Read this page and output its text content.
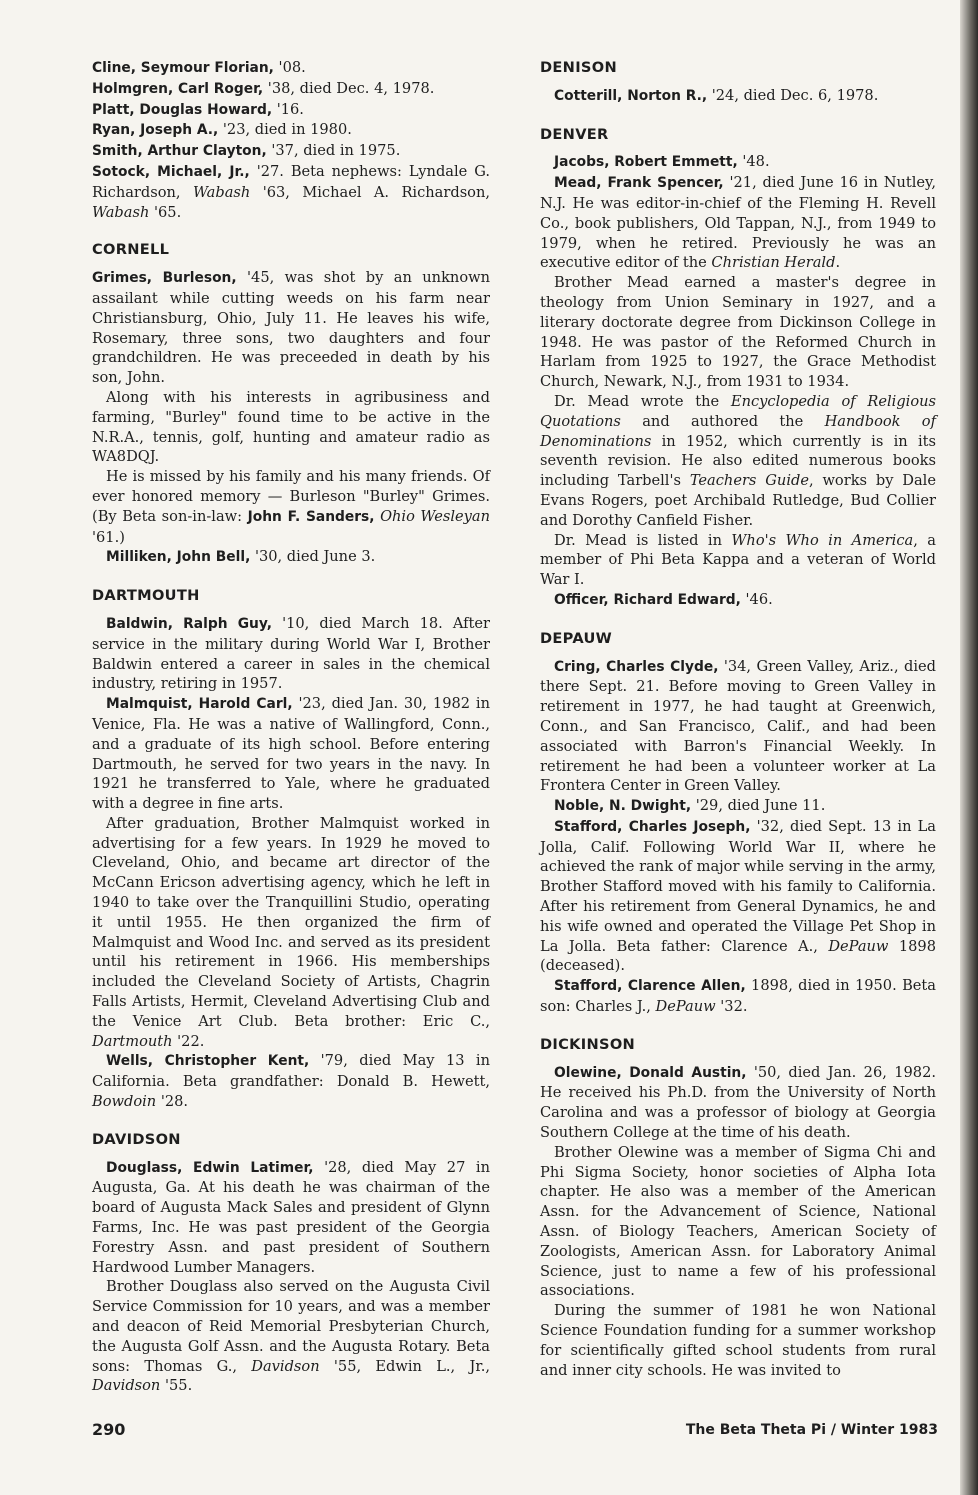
Cline, Seymour Florian, '08.

Holmgren, Carl Roger, '38, died Dec. 4, 1978.

Platt, Douglas Howard, '16.

Ryan, Joseph A., '23, died in 1980.

Smith, Arthur Clayton, '37, died in 1975.

Sotock, Michael, Jr., '27. Beta nephews: Lyndale G. Richardson, Wabash '63, Michael A. Richardson, Wabash '65.

CORNELL

Grimes, Burleson, '45, was shot by an unknown assailant while cutting weeds on his farm near Christiansburg, Ohio, July 11. He leaves his wife, Rosemary, three sons, two daughters and four grandchildren. He was preceeded in death by his son, John.

Along with his interests in agribusiness and farming, "Burley" found time to be active in the N.R.A., tennis, golf, hunting and amateur radio as WA8DQJ.

He is missed by his family and his many friends. Of ever honored memory — Burleson "Burley" Grimes. (By Beta son-in-law: John F. Sanders, Ohio Wesleyan '61.)

Milliken, John Bell, '30, died June 3.

DARTMOUTH

Baldwin, Ralph Guy, '10, died March 18. After service in the military during World War I, Brother Baldwin entered a career in sales in the chemical industry, retiring in 1957.

Malmquist, Harold Carl, '23, died Jan. 30, 1982 in Venice, Fla. He was a native of Wallingford, Conn., and a graduate of its high school. Before entering Dartmouth, he served for two years in the navy. In 1921 he transferred to Yale, where he graduated with a degree in fine arts.

After graduation, Brother Malmquist worked in advertising for a few years. In 1929 he moved to Cleveland, Ohio, and became art director of the McCann Ericson advertising agency, which he left in 1940 to take over the Tranquillini Studio, operating it until 1955. He then organized the firm of Malmquist and Wood Inc. and served as its president until his retirement in 1966. His memberships included the Cleveland Society of Artists, Chagrin Falls Artists, Hermit, Cleveland Advertising Club and the Venice Art Club. Beta brother: Eric C., Dartmouth '22.

Wells, Christopher Kent, '79, died May 13 in California. Beta grandfather: Donald B. Hewett, Bowdoin '28.

DAVIDSON

Douglass, Edwin Latimer, '28, died May 27 in Augusta, Ga. At his death he was chairman of the board of Augusta Mack Sales and president of Glynn Farms, Inc. He was past president of the Georgia Forestry Assn. and past president of Southern Hardwood Lumber Managers.

Brother Douglass also served on the Augusta Civil Service Commission for 10 years, and was a member and deacon of Reid Memorial Presbyterian Church, the Augusta Golf Assn. and the Augusta Rotary. Beta sons: Thomas G., Davidson '55, Edwin L., Jr., Davidson '55.

DENISON

Cotterill, Norton R., '24, died Dec. 6, 1978.

DENVER

Jacobs, Robert Emmett, '48.

Mead, Frank Spencer, '21, died June 16 in Nutley, N.J. He was editor-in-chief of the Fleming H. Revell Co., book publishers, Old Tappan, N.J., from 1949 to 1979, when he retired. Previously he was an executive editor of the Christian Herald.

Brother Mead earned a master's degree in theology from Union Seminary in 1927, and a literary doctorate degree from Dickinson College in 1948. He was pastor of the Reformed Church in Harlam from 1925 to 1927, the Grace Methodist Church, Newark, N.J., from 1931 to 1934.

Dr. Mead wrote the Encyclopedia of Religious Quotations and authored the Handbook of Denominations in 1952, which currently is in its seventh revision. He also edited numerous books including Tarbell's Teachers Guide, works by Dale Evans Rogers, poet Archibald Rutledge, Bud Collier and Dorothy Canfield Fisher.

Dr. Mead is listed in Who's Who in America, a member of Phi Beta Kappa and a veteran of World War I.

Officer, Richard Edward, '46.

DEPAUW

Cring, Charles Clyde, '34, Green Valley, Ariz., died there Sept. 21. Before moving to Green Valley in retirement in 1977, he had taught at Greenwich, Conn., and San Francisco, Calif., and had been associated with Barron's Financial Weekly. In retirement he had been a volunteer worker at La Frontera Center in Green Valley.

Noble, N. Dwight, '29, died June 11.

Stafford, Charles Joseph, '32, died Sept. 13 in La Jolla, Calif. Following World War II, where he achieved the rank of major while serving in the army, Brother Stafford moved with his family to California. After his retirement from General Dynamics, he and his wife owned and operated the Village Pet Shop in La Jolla. Beta father: Clarence A., DePauw 1898 (deceased).

Stafford, Clarence Allen, 1898, died in 1950. Beta son: Charles J., DePauw '32.

DICKINSON

Olewine, Donald Austin, '50, died Jan. 26, 1982. He received his Ph.D. from the University of North Carolina and was a professor of biology at Georgia Southern College at the time of his death.

Brother Olewine was a member of Sigma Chi and Phi Sigma Society, honor societies of Alpha Iota chapter. He also was a member of the American Assn. for the Advancement of Science, National Assn. of Biology Teachers, American Society of Zoologists, American Assn. for Laboratory Animal Science, just to name a few of his professional associations.

During the summer of 1981 he won National Science Foundation funding for a summer workshop for scientifically gifted school students from rural and inner city schools. He was invited to

290	The Beta Theta Pi / Winter 1983
